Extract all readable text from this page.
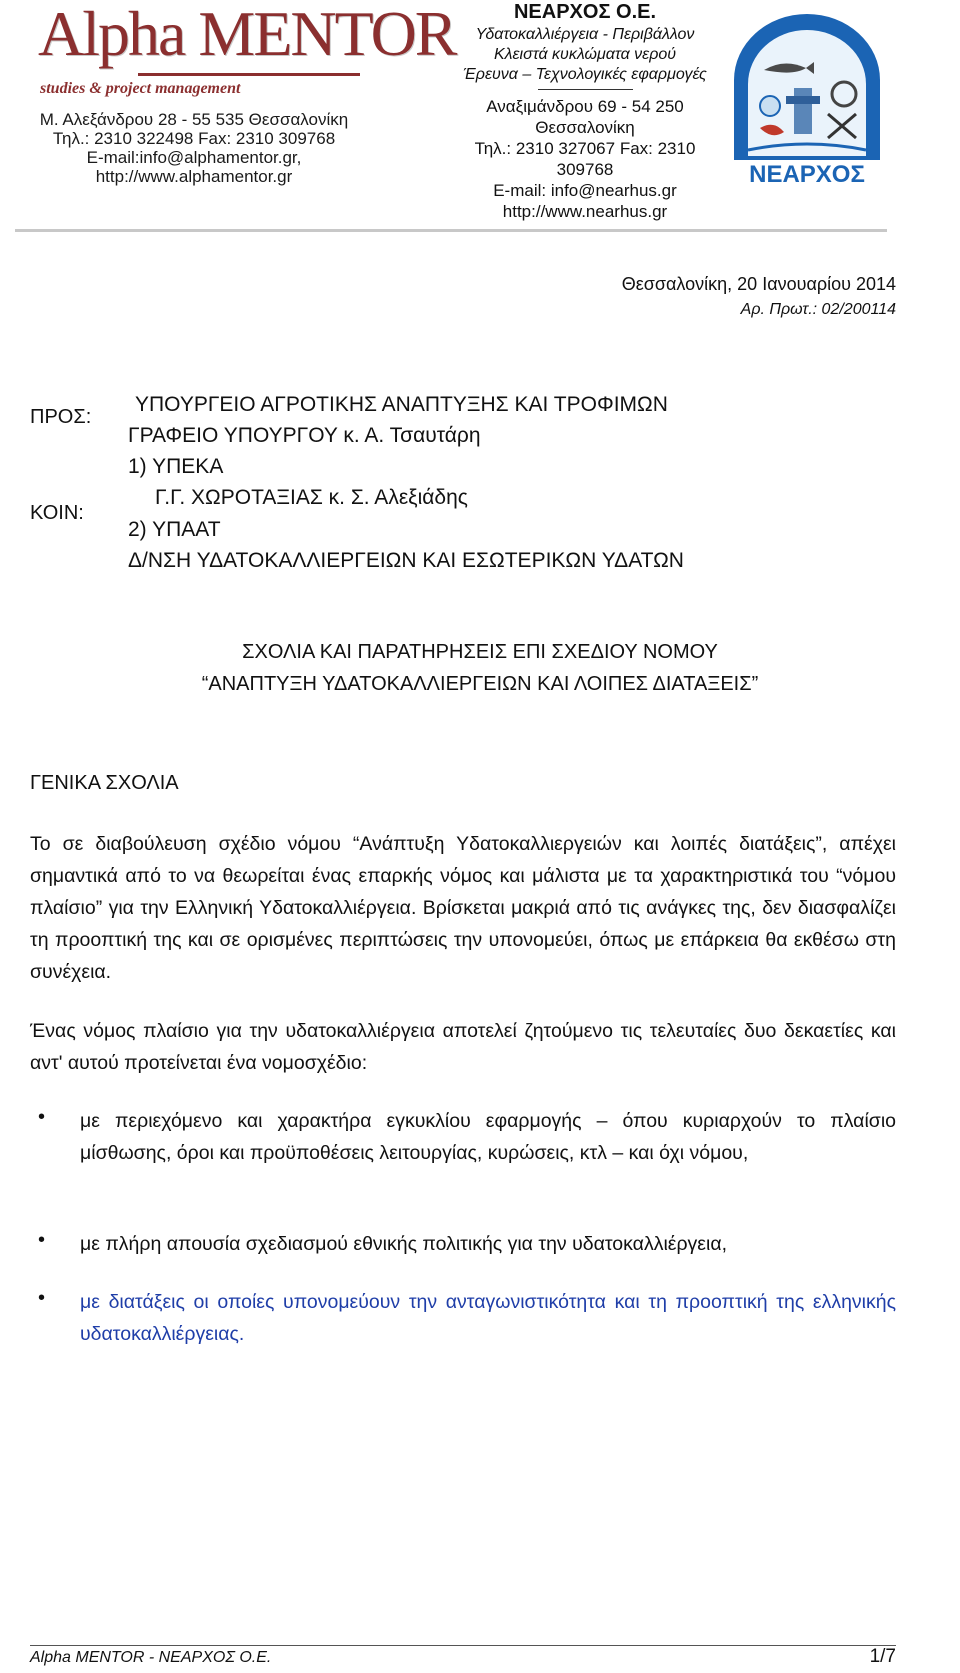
Alpha MENTOR
studies & project management
Μ. Αλεξάνδρου 28 - 55 535 Θεσσαλονίκη
Τηλ.: 2310 322498 Fax: 2310 309768
E-mail:info@alphamentor.gr,
http://www.alphamentor.gr
ΝΕΑΡΧΟΣ Ο.Ε.
Υδατοκαλλιέργεια - Περιβάλλον
Κλειστά κυκλώματα νερού
Έρευνα – Τεχνολογικές εφαρμογές
Αναξιμάνδρου 69 - 54 250
Θεσσαλονίκη
Τηλ.: 2310 327067 Fax: 2310
309768
E-mail: info@nearhus.gr
http://www.nearhus.gr
ΝΕΑΡΧΟΣ
Θεσσαλονίκη, 20 Ιανουαρίου 2014
Αρ. Πρωτ.: 02/200114
ΠΡΟΣ:
ΚΟΙΝ:
ΥΠΟΥΡΓΕΙΟ ΑΓΡΟΤΙΚΗΣ ΑΝΑΠΤΥΞΗΣ ΚΑΙ ΤΡΟΦΙΜΩΝ
ΓΡΑΦΕΙΟ ΥΠΟΥΡΓΟΥ κ. Α. Τσαυτάρη
1) ΥΠΕΚΑ
Γ.Γ. ΧΩΡΟΤΑΞΙΑΣ κ. Σ. Αλεξιάδης
2) ΥΠΑΑΤ
Δ/ΝΣΗ ΥΔΑΤΟΚΑΛΛΙΕΡΓΕΙΩΝ ΚΑΙ ΕΣΩΤΕΡΙΚΩΝ ΥΔΑΤΩΝ
ΣΧΟΛΙΑ ΚΑΙ ΠΑΡΑΤΗΡΗΣΕΙΣ ΕΠΙ ΣΧΕΔΙΟΥ ΝΟΜΟΥ
“ΑΝΑΠΤΥΞΗ ΥΔΑΤΟΚΑΛΛΙΕΡΓΕΙΩΝ ΚΑΙ ΛΟΙΠΕΣ ΔΙΑΤΑΞΕΙΣ”
ΓΕΝΙΚΑ ΣΧΟΛΙΑ
Το σε διαβούλευση σχέδιο νόμου “Ανάπτυξη Υδατοκαλλιεργειών και λοιπές διατάξεις”, απέχει σημαντικά από το να θεωρείται ένας επαρκής νόμος και μάλιστα με τα χαρακτηριστικά του “νόμου πλαίσιο” για την Ελληνική Υδατοκαλλιέργεια. Βρίσκεται μακριά από τις ανάγκες της, δεν διασφαλίζει τη προοπτική της και σε ορισμένες περιπτώσεις την υπονομεύει, όπως με επάρκεια θα εκθέσω στη συνέχεια.
Ένας νόμος πλαίσιο για την υδατοκαλλιέργεια αποτελεί ζητούμενο τις τελευταίες δυο δεκαετίες και αντ' αυτού προτείνεται ένα νομοσχέδιο:
• με περιεχόμενο και χαρακτήρα εγκυκλίου εφαρμογής – όπου κυριαρχούν το πλαίσιο μίσθωσης, όροι και προϋποθέσεις λειτουργίας, κυρώσεις, κτλ – και όχι νόμου,
• με πλήρη απουσία σχεδιασμού εθνικής πολιτικής για την υδατοκαλλιέργεια,
• με διατάξεις οι οποίες υπονομεύουν την ανταγωνιστικότητα και τη προοπτική της ελληνικής υδατοκαλλιέργειας.
Alpha MENTOR - ΝΕΑΡΧΟΣ Ο.Ε.	1/7
